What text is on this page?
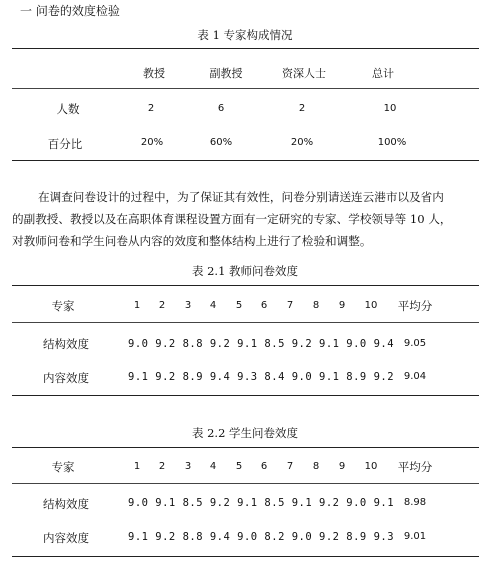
一 问卷的效度检验
表 1 专家构成情况
教授	副教授	资深人士	总计
人数	2	6	2	10
百分比	20%	60%	20%	100%

在调查问卷设计的过程中，为了保证其有效性，问卷分别请送连云港市以及省内

的副教授、教授以及在高职体育课程设置方面有一定研究的专家、学校领导等 10 人，

对教师问卷和学生问卷从内容的效度和整体结构上进行了检验和调整。

表 2.1 教师问卷效度
专家	1 2 3 4 5 6 7 8 9 10 平均分
结构效度	9.0 9.2 8.8 9.2 9.1 8.5 9.2 9.1 9.0 9.4 9.05
内容效度	9.1 9.2 8.9 9.4 9.3 8.4 9.0 9.1 8.9 9.2 9.04
表 2.2 学生问卷效度
专家	1 2 3 4 5 6 7 8 9 10 平均分
结构效度	9.0 9.1 8.5 9.2 9.1 8.5 9.1 9.2 9.0 9.1 8.98
内容效度	9.1 9.2 8.8 9.4 9.0 8.2 9.0 9.2 8.9 9.3 9.01
